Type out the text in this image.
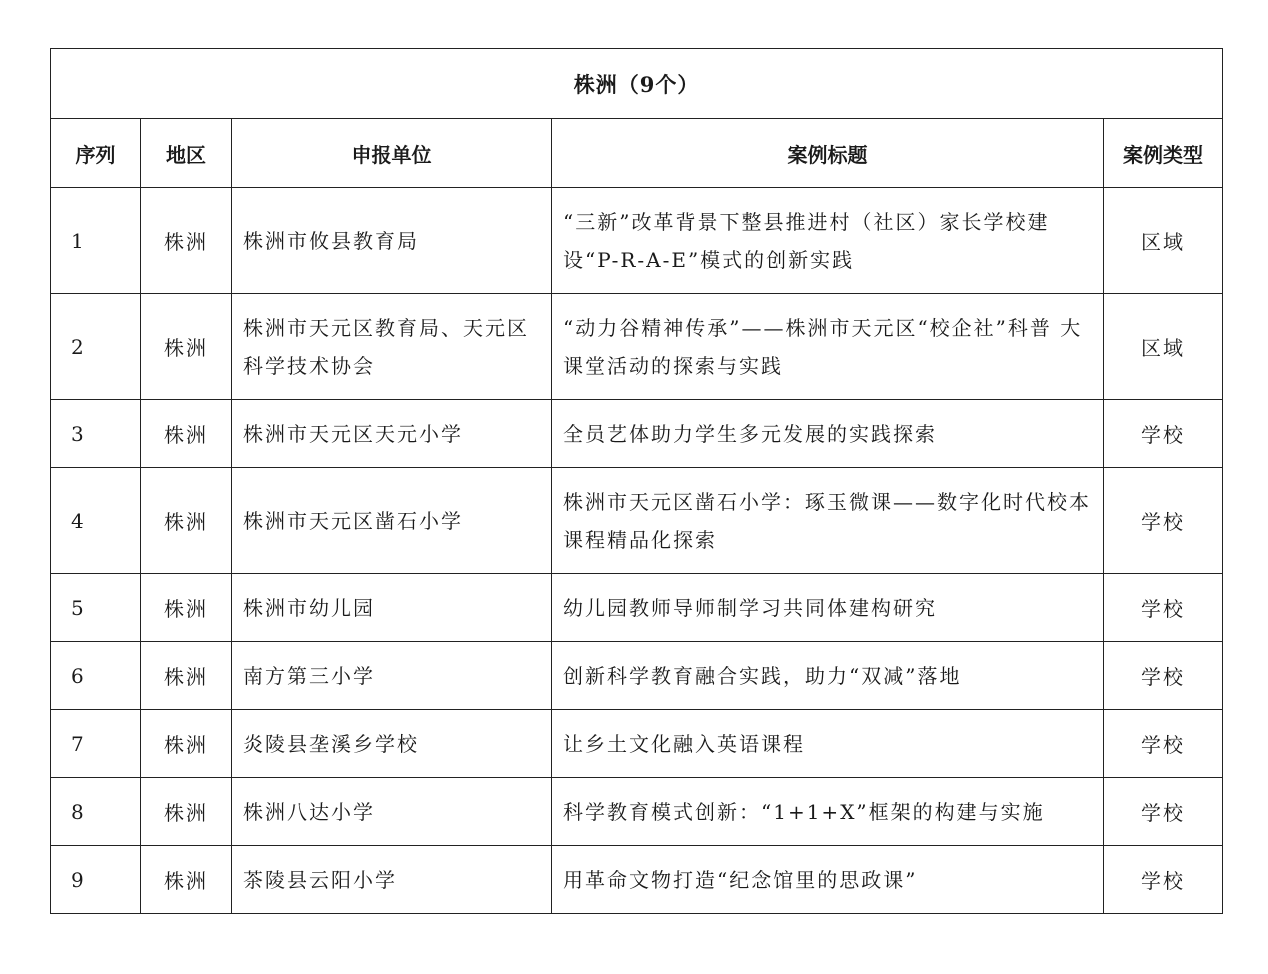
株洲（9个）				
序列	地区	申报单位	案例标题	案例类型
1	株洲	株洲市攸县教育局	“三新”改革背景下整县推进村（社区）家长学校建设“P-R-A-E”模式的创新实践	区域
2	株洲	株洲市天元区教育局、天元区科学技术协会	“动力谷精神传承”——株洲市天元区“校企社”科普 大课堂活动的探索与实践	区域
3	株洲	株洲市天元区天元小学	全员艺体助力学生多元发展的实践探索	学校
4	株洲	株洲市天元区凿石小学	株洲市天元区凿石小学：琢玉微课——数字化时代校本课程精品化探索	学校
5	株洲	株洲市幼儿园	幼儿园教师导师制学习共同体建构研究	学校
6	株洲	南方第三小学	创新科学教育融合实践，助力“双减”落地	学校
7	株洲	炎陵县垄溪乡学校	让乡土文化融入英语课程	学校
8	株洲	株洲八达小学	科学教育模式创新：“1+1+X”框架的构建与实施	学校
9	株洲	茶陵县云阳小学	用革命文物打造“纪念馆里的思政课”	学校
